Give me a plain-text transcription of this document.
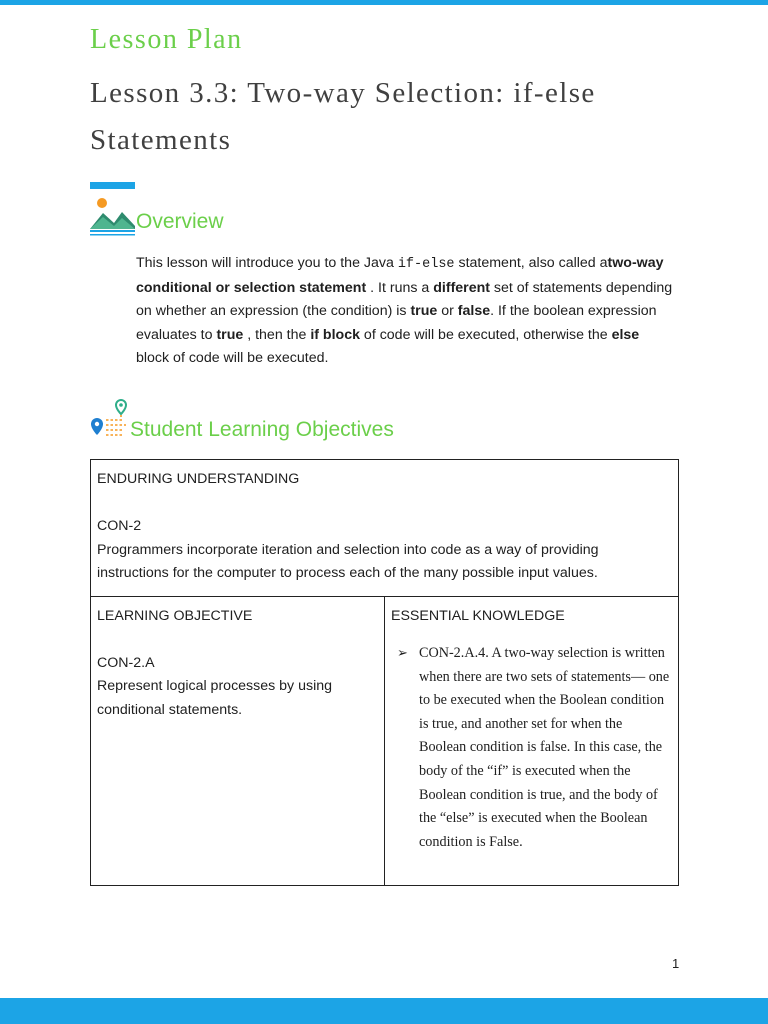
Lesson Plan
Lesson 3.3: Two-way Selection: if-else Statements
Overview

This lesson will introduce you to the Java if-else statement, also called atwo-way conditional or selection statement . It runs a different set of statements depending on whether an expression (the condition) is true or false. If the boolean expression evaluates to true , then the if block of code will be executed, otherwise the else block of code will be executed.

Student Learning Objectives
ENDURING UNDERSTANDING
CON-2
Programmers incorporate iteration and selection into code as a way of providing instructions for the computer to process each of the many possible input values.

LEARNING OBJECTIVE
CON-2.A
Represent logical processes by using conditional statements.

ESSENTIAL KNOWLEDGE
➢ CON-2.A.4. A two-way selection is written when there are two sets of statements— one to be executed when the Boolean condition is true, and another set for when the Boolean condition is false. In this case, the body of the “if” is executed when the Boolean condition is true, and the body of the “else” is executed when the Boolean condition is False.
1
